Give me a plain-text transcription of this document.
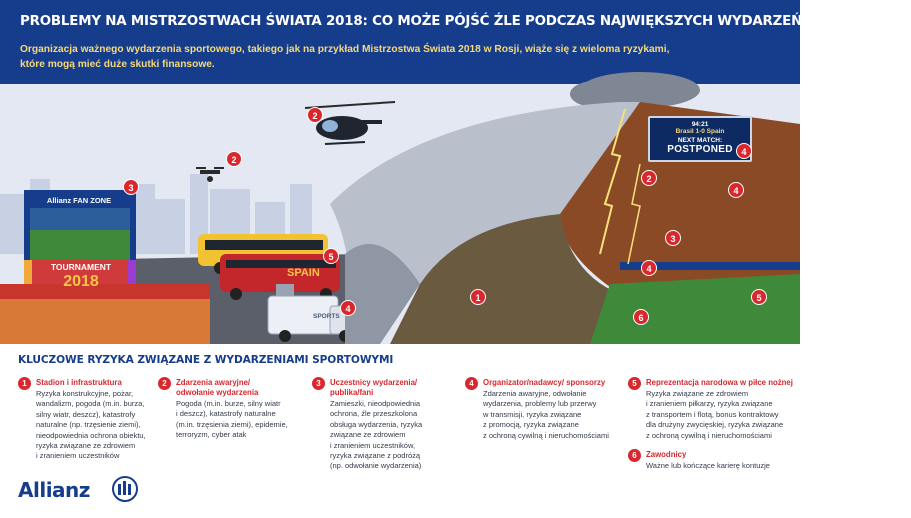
PROBLEMY NA MISTRZOSTWACH ŚWIATA 2018: CO MOŻE PÓJŚĆ ŹLE PODCZAS NAJWIĘKSZYCH WYDARZEŃ SPORTOWYCH
Organizacja ważnego wydarzenia sportowego, takiego jak na przykład Mistrzostwa Świata 2018 w Rosji, wiąże się z wieloma ryzykami,
które mogą mieć duże skutki finansowe.
Allianz FAN ZONE
TOURNAMENT
2018	SPAIN
SPORTS
94:21
Brasil 1-0 Spain
NEXT MATCH:
POSTPONED
1
2
2
3
4
5
2
4
3
4
5
6
4
KLUCZOWE RYZYKA ZWIĄZANE Z WYDARZENIAMI SPORTOWYMI
1	Stadion i infrastruktura
Ryzyka konstrukcyjne, pożar,
wandalizm, pogoda (m.in. burza,
silny wiatr, deszcz), katastrofy
naturalne (np. trzęsienie ziemi),
nieodpowiednia ochrona obiektu,
ryzyka związane ze zdrowiem
i zranieniem uczestników
2	Zdarzenia awaryjne/
odwołanie wydarzenia
Pogoda (m.in. burze, silny wiatr
i deszcz), katastrofy naturalne
(m.in. trzęsienia ziemi), epidemie,
terroryzm, cyber atak
3	Uczestnicy wydarzenia/
publika/fani
Zamieszki, nieodpowiednia
ochrona, źle przeszkolona
obsługa wydarzenia, ryzyka
związane ze zdrowiem
i zranieniem uczestników,
ryzyka związane z podróżą
(np. odwołanie wydarzenia)
4	Organizator/nadawcy/ sponsorzy
Zdarzenia awaryjne, odwołanie
wydarzenia, problemy lub przerwy
w transmisji, ryzyka związane
z promocją, ryzyka związane
z ochroną cywilną i nieruchomościami
5	Reprezentacja narodowa w piłce nożnej
Ryzyka związane ze zdrowiem
i zranieniem piłkarzy, ryzyka związane
z transportem i flotą, bonus kontraktowy
dla drużyny zwycięskiej, ryzyka związane
z ochroną cywilną i nieruchomościami
6	Zawodnicy
Ważne lub kończące karierę kontuzje
Allianz
